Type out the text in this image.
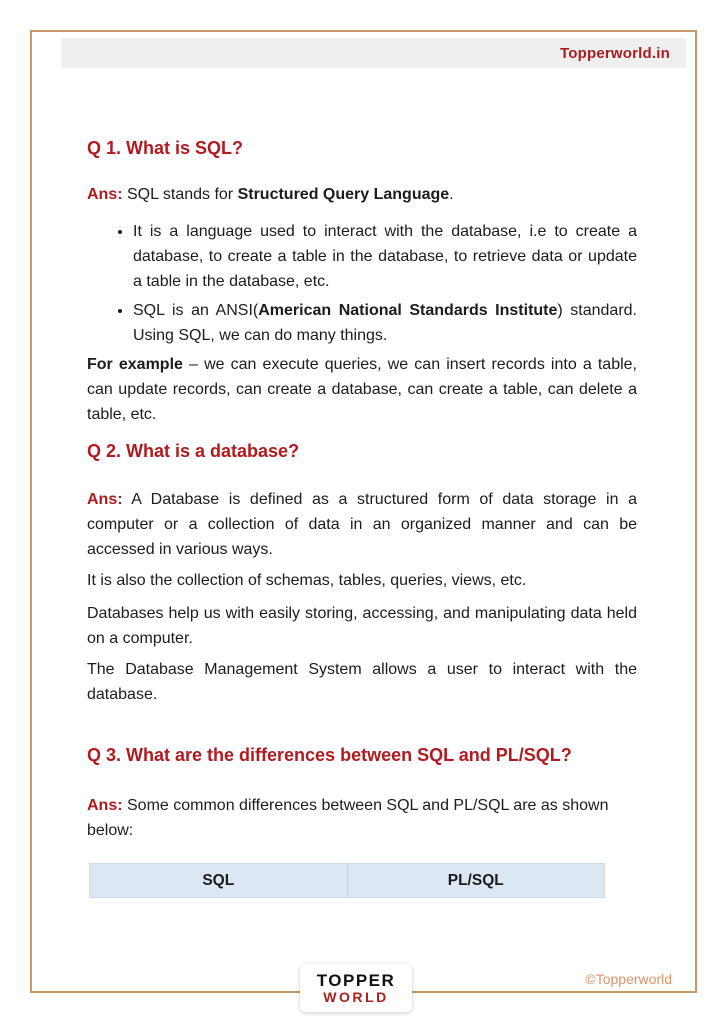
Topperworld.in
Q 1. What is SQL?

Ans: SQL stands for Structured Query Language.

• It is a language used to interact with the database, i.e to create a database, to create a table in the database, to retrieve data or update a table in the database, etc.
• SQL is an ANSI(American National Standards Institute) standard. Using SQL, we can do many things.

For example – we can execute queries, we can insert records into a table, can update records, can create a database, can create a table, can delete a table, etc.

Q 2. What is a database?

Ans: A Database is defined as a structured form of data storage in a computer or a collection of data in an organized manner and can be accessed in various ways.

It is also the collection of schemas, tables, queries, views, etc.

Databases help us with easily storing, accessing, and manipulating data held on a computer.

The Database Management System allows a user to interact with the database.

Q 3. What are the differences between SQL and PL/SQL?

Ans: Some common differences between SQL and PL/SQL are as shown below:

SQL	PL/SQL
TOPPER
WORLD
©Topperworld
